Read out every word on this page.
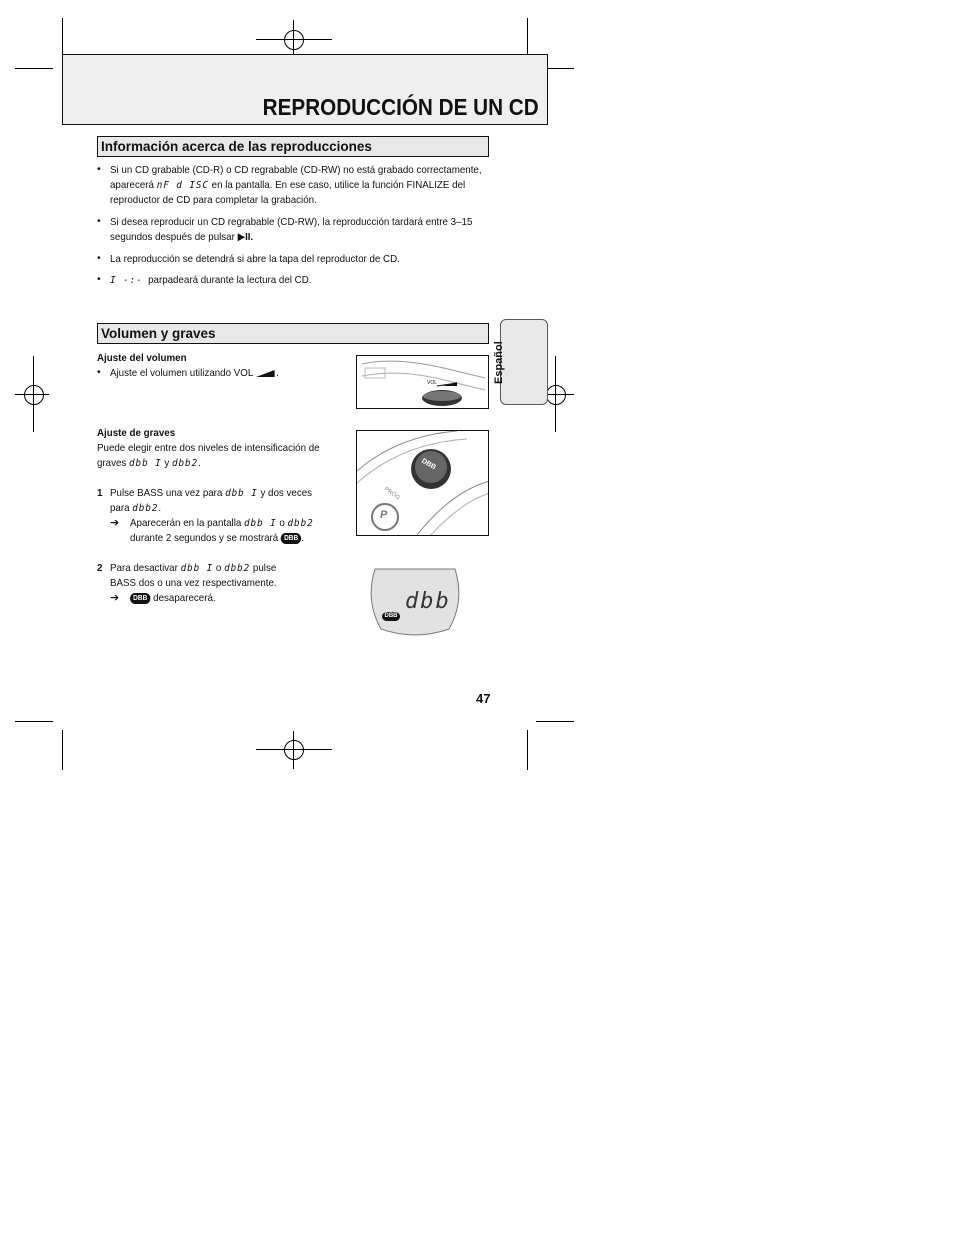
REPRODUCCIÓN DE UN CD
Información acerca de las reproducciones
• Si un CD grabable (CD-R) o CD regrabable (CD-RW) no está grabado correctamente,
aparecerá nF d ISC en la pantalla. En ese caso, utilice la función FINALIZE del
reproductor de CD para completar la grabación.
• Si desea reproducir un CD regrabable (CD-RW), la reproducción tardará entre 3–15
segundos después de pulsar ▶II.
• La reproducción se detendrá si abre la tapa del reproductor de CD.
• I -:- parpadeará durante la lectura del CD.
Volumen y graves
Español
Ajuste del volumen
• Ajuste el volumen utilizando VOL .
Ajuste de graves
Puede elegir entre dos niveles de intensificación de
graves dbb I y dbb2.
1 Pulse BASS una vez para dbb I y dos veces
para dbb2.
➔ Aparecerán en la pantalla dbb I o dbb2
durante 2 segundos y se mostrará DBB .
2 Para desactivar dbb I o dbb2 pulse
BASS dos o una vez respectivamente.
➔	DBB desaparecerá.
VOL
DBB
PROG
P
dbb
DBB
47
